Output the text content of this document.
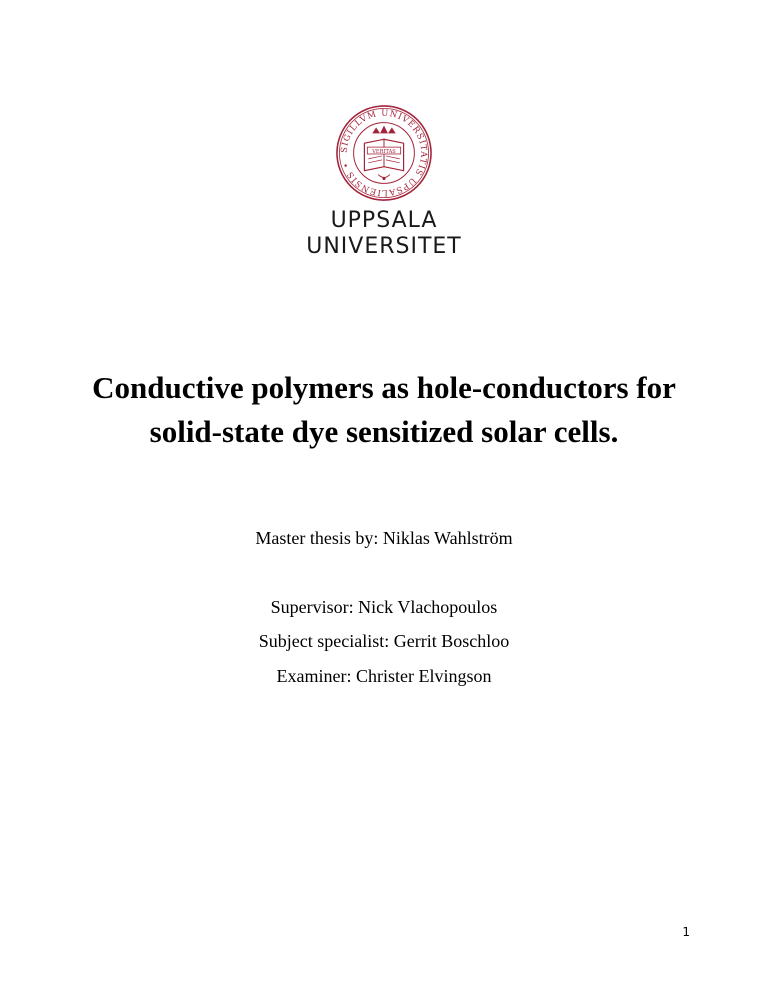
SIGILLVM UNIVERSITATIS UPSALIENSIS •
VERITAS
UPPSALA
UNIVERSITET
Conductive polymers as hole-conductors for
solid-state dye sensitized solar cells.
Master thesis by: Niklas Wahlström
Supervisor: Nick Vlachopoulos
Subject specialist: Gerrit Boschloo
Examiner: Christer Elvingson
1
